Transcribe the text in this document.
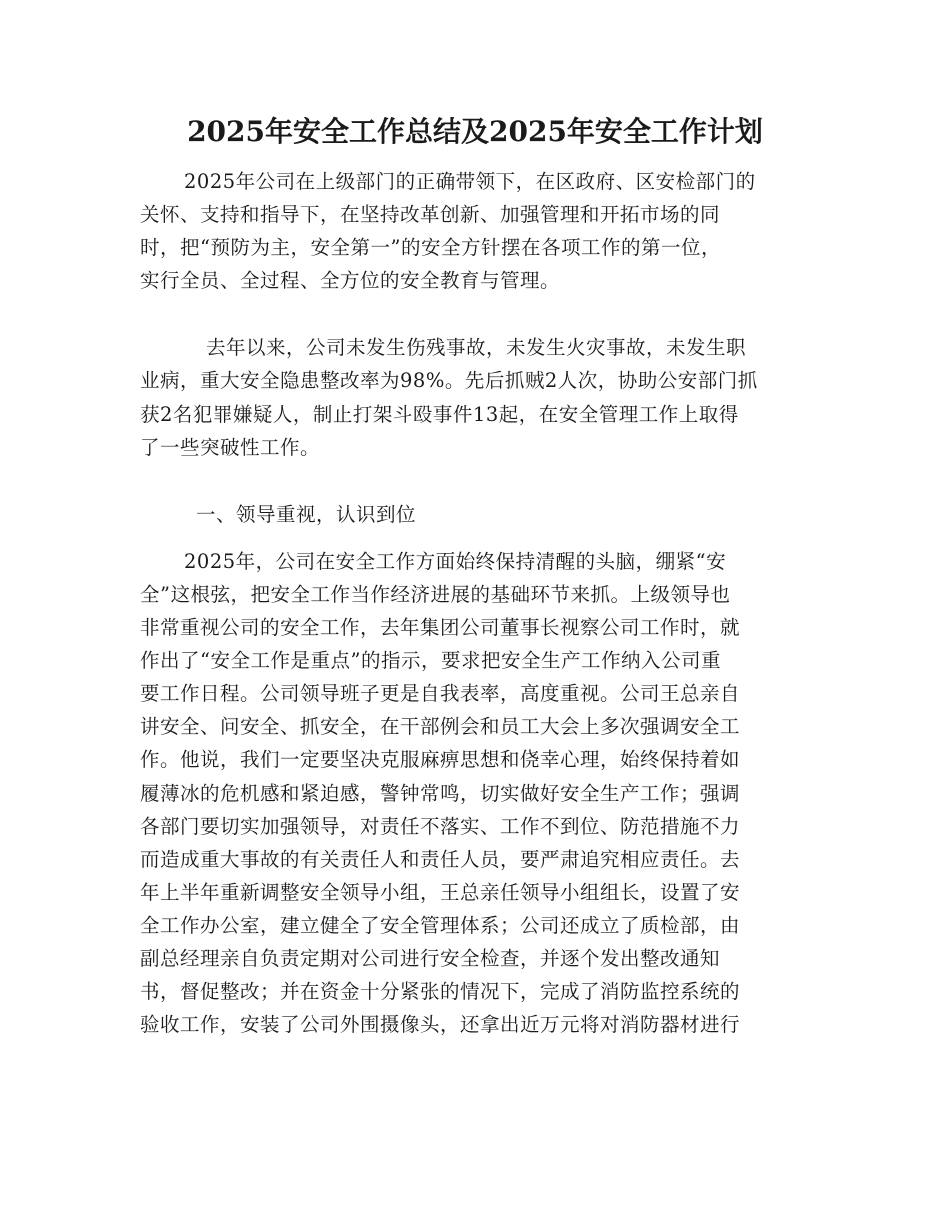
2025年安全工作总结及2025年安全工作计划
2025年公司在上级部门的正确带领下，在区政府、区安检部门的
关怀、支持和指导下，在坚持改革创新、加强管理和开拓市场的同
时，把“预防为主，安全第一”的安全方针摆在各项工作的第一位，
实行全员、全过程、全方位的安全教育与管理。
去年以来，公司未发生伤残事故，未发生火灾事故，未发生职
业病，重大安全隐患整改率为98%。先后抓贼2人次，协助公安部门抓
获2名犯罪嫌疑人，制止打架斗殴事件13起，在安全管理工作上取得
了一些突破性工作。
一、领导重视，认识到位
2025年，公司在安全工作方面始终保持清醒的头脑，绷紧“安
全”这根弦，把安全工作当作经济进展的基础环节来抓。上级领导也
非常重视公司的安全工作，去年集团公司董事长视察公司工作时，就
作出了“安全工作是重点”的指示，要求把安全生产工作纳入公司重
要工作日程。公司领导班子更是自我表率，高度重视。公司王总亲自
讲安全、问安全、抓安全，在干部例会和员工大会上多次强调安全工
作。他说，我们一定要坚决克服麻痹思想和侥幸心理，始终保持着如
履薄冰的危机感和紧迫感，警钟常鸣，切实做好安全生产工作；强调
各部门要切实加强领导，对责任不落实、工作不到位、防范措施不力
而造成重大事故的有关责任人和责任人员，要严肃追究相应责任。去
年上半年重新调整安全领导小组，王总亲任领导小组组长，设置了安
全工作办公室，建立健全了安全管理体系；公司还成立了质检部，由
副总经理亲自负责定期对公司进行安全检查，并逐个发出整改通知
书，督促整改；并在资金十分紧张的情况下，完成了消防监控系统的
验收工作，安装了公司外围摄像头，还拿出近万元将对消防器材进行
